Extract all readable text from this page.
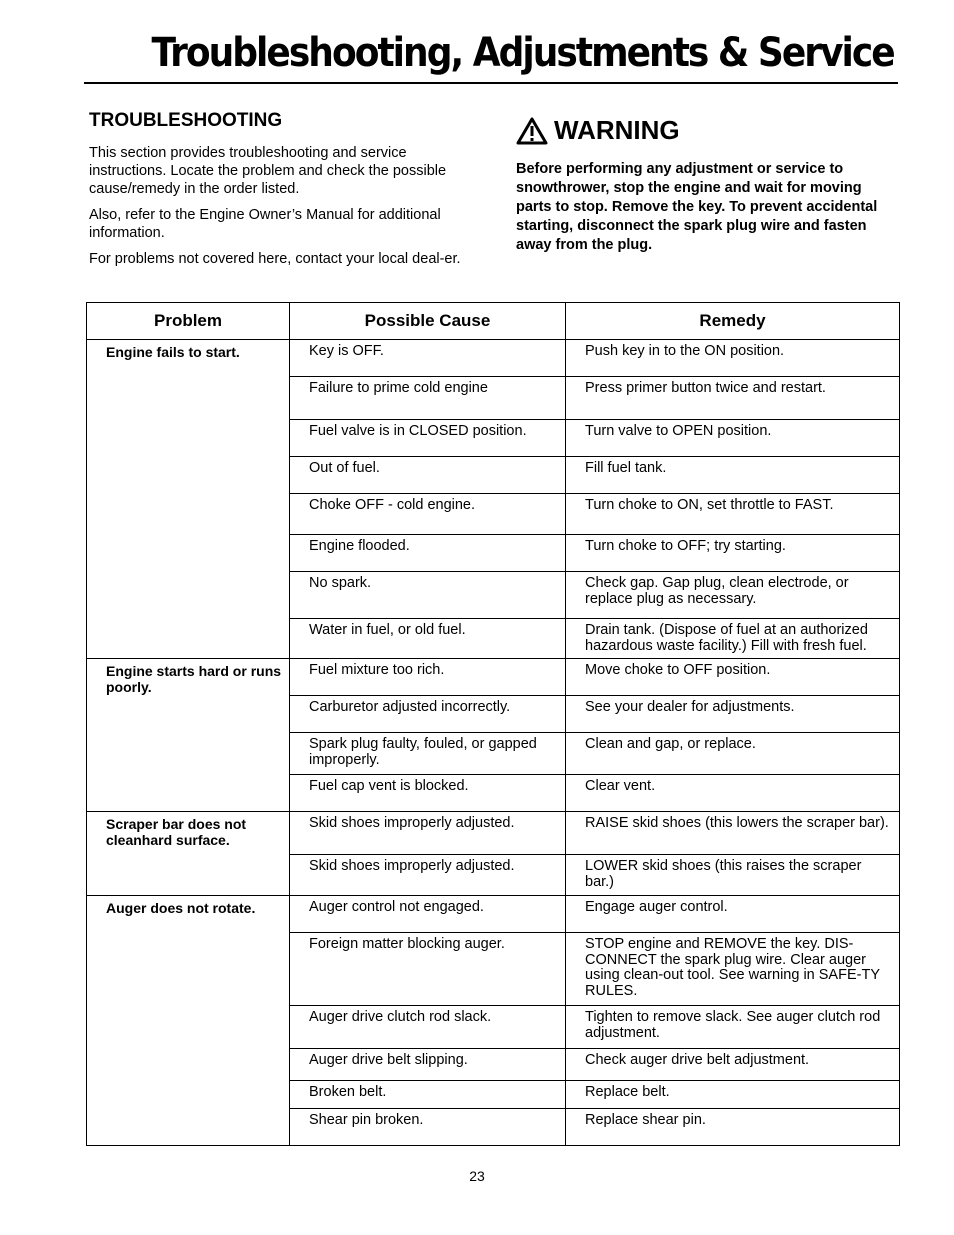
Troubleshooting, Adjustments & Service
TROUBLESHOOTING

This section provides troubleshooting and service instructions. Locate the problem and check the possible cause/remedy in the order listed.

Also, refer to the Engine Owner’s Manual for additional information.

For problems not covered here, contact your local deal-er.

WARNING

Before performing any adjustment or service to snowthrower, stop the engine and wait for moving parts to stop. Remove the key. To prevent accidental starting, disconnect the spark plug wire and fasten away from the plug.

Problem	Possible Cause	Remedy
Engine fails to start.	Key is OFF.	Push key in to the ON position.
	Failure to prime cold engine	Press primer button twice and restart.
	Fuel valve is in CLOSED position.	Turn valve to OPEN position.
	Out of fuel.	Fill fuel tank.
	Choke OFF - cold engine.	Turn choke to ON, set throttle to FAST.
	Engine flooded.	Turn choke to OFF; try starting.
	No spark.	Check gap. Gap plug, clean electrode, or replace plug as necessary.
	Water in fuel, or old fuel.	Drain tank. (Dispose of fuel at an authorized hazardous waste facility.) Fill with fresh fuel.
Engine starts hard or runs poorly.	Fuel mixture too rich.	Move choke to OFF position.
	Carburetor adjusted incorrectly.	See your dealer for adjustments.
	Spark plug faulty, fouled, or gapped improperly.	Clean and gap, or replace.
	Fuel cap vent is blocked.	Clear vent.
Scraper bar does not cleanhard surface.	Skid shoes improperly adjusted.	RAISE skid shoes (this lowers the scraper bar).
	Skid shoes improperly adjusted.	LOWER skid shoes (this raises the scraper bar.)
Auger does not rotate.	Auger control not engaged.	Engage auger control.
	Foreign matter blocking auger.	STOP engine and REMOVE the key. DIS-CONNECT the spark plug wire. Clear auger using clean-out tool. See warning in SAFE-TY RULES.
	Auger drive clutch rod slack.	Tighten to remove slack. See auger clutch rod adjustment.
	Auger drive belt slipping.	Check auger drive belt adjustment.
	Broken belt.	Replace belt.
	Shear pin broken.	Replace shear pin.
23
